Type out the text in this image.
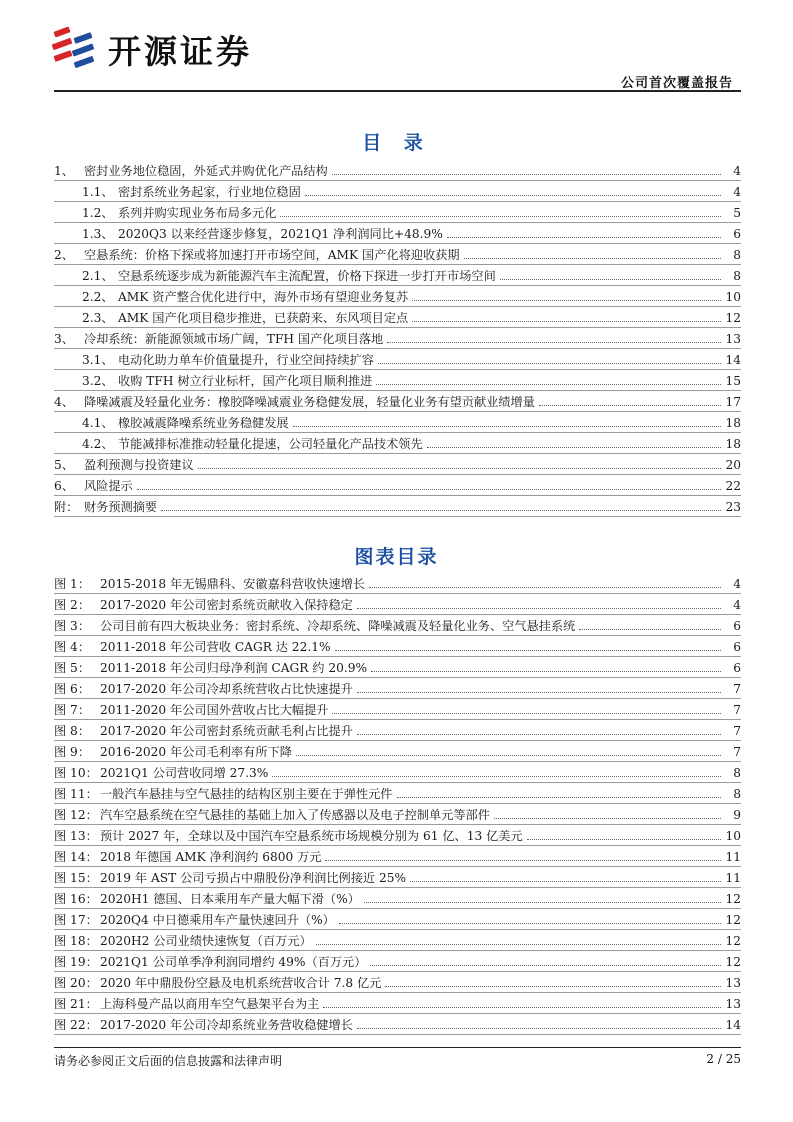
开源证券
公司首次覆盖报告
目 录
1、 密封业务地位稳固，外延式并购优化产品结构	4
1.1、 密封系统业务起家，行业地位稳固	4
1.2、 系列并购实现业务布局多元化	5
1.3、 2020Q3 以来经营逐步修复，2021Q1 净利润同比+48.9%	6
2、 空悬系统：价格下探或将加速打开市场空间，AMK 国产化将迎收获期	8
2.1、 空悬系统逐步成为新能源汽车主流配置，价格下探进一步打开市场空间	8
2.2、 AMK 资产整合优化进行中，海外市场有望迎业务复苏	10
2.3、 AMK 国产化项目稳步推进，已获蔚来、东风项目定点	12
3、 冷却系统：新能源领域市场广阔，TFH 国产化项目落地	13
3.1、 电动化助力单车价值量提升，行业空间持续扩容	14
3.2、 收购 TFH 树立行业标杆，国产化项目顺利推进	15
4、 降噪减震及轻量化业务：橡胶降噪减震业务稳健发展，轻量化业务有望贡献业绩增量	17
4.1、 橡胶减震降噪系统业务稳健发展	18
4.2、 节能减排标准推动轻量化提速，公司轻量化产品技术领先	18
5、 盈利预测与投资建议	20
6、 风险提示	22
附： 财务预测摘要	23
图表目录
图 1： 2015-2018 年无锡鼎科、安徽嘉科营收快速增长	4
图 2： 2017-2020 年公司密封系统贡献收入保持稳定	4
图 3： 公司目前有四大板块业务：密封系统、冷却系统、降噪减震及轻量化业务、空气悬挂系统	6
图 4： 2011-2018 年公司营收 CAGR 达 22.1%	6
图 5： 2011-2018 年公司归母净利润 CAGR 约 20.9%	6
图 6： 2017-2020 年公司冷却系统营收占比快速提升	7
图 7： 2011-2020 年公司国外营收占比大幅提升	7
图 8： 2017-2020 年公司密封系统贡献毛利占比提升	7
图 9： 2016-2020 年公司毛利率有所下降	7
图 10： 2021Q1 公司营收同增 27.3%	8
图 11： 一般汽车悬挂与空气悬挂的结构区别主要在于弹性元件	8
图 12： 汽车空悬系统在空气悬挂的基础上加入了传感器以及电子控制单元等部件	9
图 13： 预计 2027 年，全球以及中国汽车空悬系统市场规模分别为 61 亿、13 亿美元	10
图 14： 2018 年德国 AMK 净利润约 6800 万元	11
图 15： 2019 年 AST 公司亏损占中鼎股份净利润比例接近 25%	11
图 16： 2020H1 德国、日本乘用车产量大幅下滑（%）	12
图 17： 2020Q4 中日德乘用车产量快速回升（%）	12
图 18： 2020H2 公司业绩快速恢复（百万元）	12
图 19： 2021Q1 公司单季净利润同增约 49%（百万元）	12
图 20： 2020 年中鼎股份空悬及电机系统营收合计 7.8 亿元	13
图 21： 上海科曼产品以商用车空气悬架平台为主	13
图 22： 2017-2020 年公司冷却系统业务营收稳健增长	14
请务必参阅正文后面的信息披露和法律声明	2 / 25
